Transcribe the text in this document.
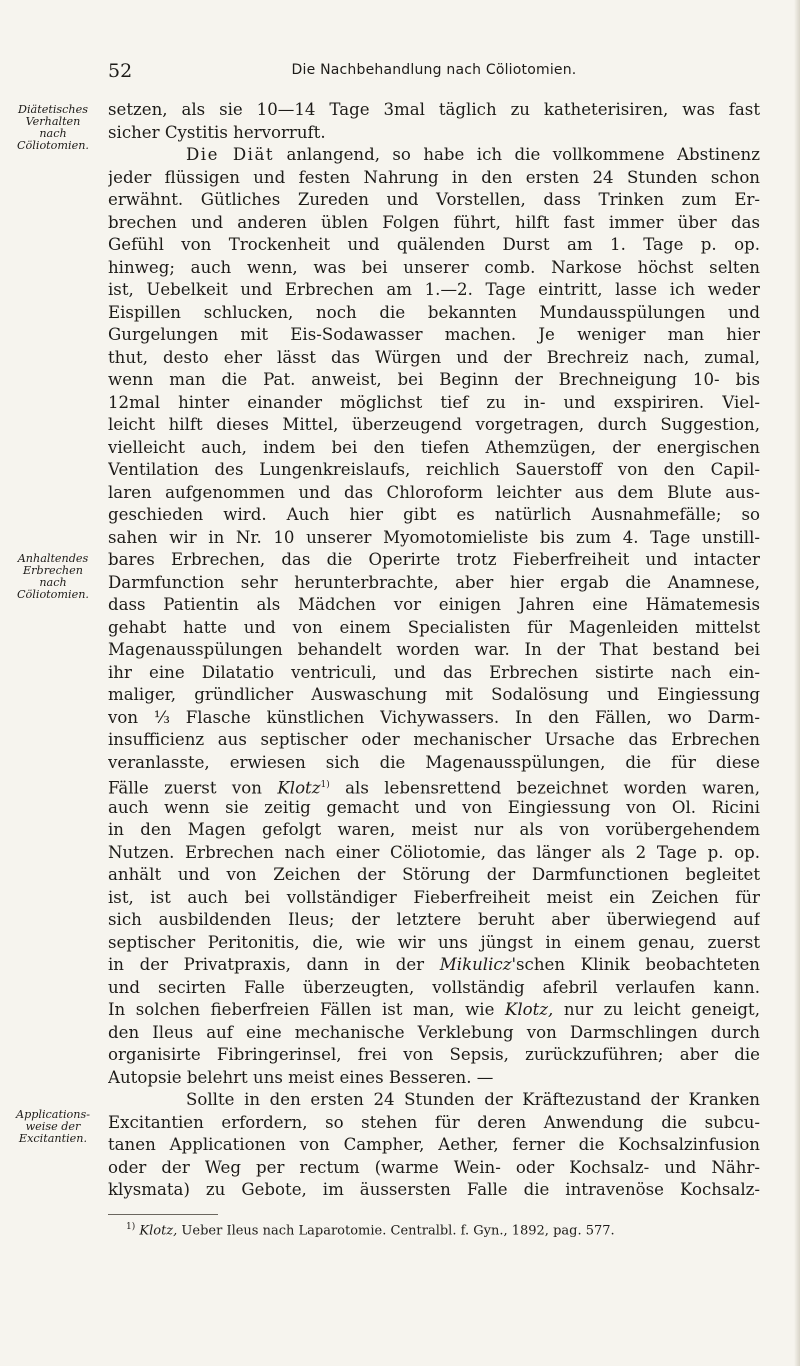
52	Die Nachbehandlung nach Cöliotomien.
Diätetisches
Verhalten
nach
Cöliotomien.
Anhaltendes
Erbrechen
nach
Cöliotomien.
Applications-
weise der
Excitantien.
setzen, als sie 10—14 Tage 3mal täglich zu katheterisiren, was fast
sicher Cystitis hervorruft.
Die Diät anlangend, so habe ich die vollkommene Abstinenz
jeder flüssigen und festen Nahrung in den ersten 24 Stunden schon
erwähnt. Gütliches Zureden und Vorstellen, dass Trinken zum Er-
brechen und anderen üblen Folgen führt, hilft fast immer über das
Gefühl von Trockenheit und quälenden Durst am 1. Tage p. op.
hinweg; auch wenn, was bei unserer comb. Narkose höchst selten
ist, Uebelkeit und Erbrechen am 1.—2. Tage eintritt, lasse ich weder
Eispillen schlucken, noch die bekannten Mundausspülungen und
Gurgelungen mit Eis-Sodawasser machen. Je weniger man hier
thut, desto eher lässt das Würgen und der Brechreiz nach, zumal,
wenn man die Pat. anweist, bei Beginn der Brechneigung 10- bis
12mal hinter einander möglichst tief zu in- und exspiriren. Viel-
leicht hilft dieses Mittel, überzeugend vorgetragen, durch Suggestion,
vielleicht auch, indem bei den tiefen Athemzügen, der energischen
Ventilation des Lungenkreislaufs, reichlich Sauerstoff von den Capil-
laren aufgenommen und das Chloroform leichter aus dem Blute aus-
geschieden wird. Auch hier gibt es natürlich Ausnahmefälle; so
sahen wir in Nr. 10 unserer Myomotomieliste bis zum 4. Tage unstill-
bares Erbrechen, das die Operirte trotz Fieberfreiheit und intacter
Darmfunction sehr herunterbrachte, aber hier ergab die Anamnese,
dass Patientin als Mädchen vor einigen Jahren eine Hämatemesis
gehabt hatte und von einem Specialisten für Magenleiden mittelst
Magenausspülungen behandelt worden war. In der That bestand bei
ihr eine Dilatatio ventriculi, und das Erbrechen sistirte nach ein-
maliger, gründlicher Auswaschung mit Sodalösung und Eingiessung
von ⅓ Flasche künstlichen Vichywassers. In den Fällen, wo Darm-
insufficienz aus septischer oder mechanischer Ursache das Erbrechen
veranlasste, erwiesen sich die Magenausspülungen, die für diese
Fälle zuerst von Klotz$^{1)}$ als lebensrettend bezeichnet worden waren,
auch wenn sie zeitig gemacht und von Eingiessung von Ol. Ricini
in den Magen gefolgt waren, meist nur als von vorübergehendem
Nutzen. Erbrechen nach einer Cöliotomie, das länger als 2 Tage p. op.
anhält und von Zeichen der Störung der Darmfunctionen begleitet
ist, ist auch bei vollständiger Fieberfreiheit meist ein Zeichen für
sich ausbildenden Ileus; der letztere beruht aber überwiegend auf
septischer Peritonitis, die, wie wir uns jüngst in einem genau, zuerst
in der Privatpraxis, dann in der Mikulicz'schen Klinik beobachteten
und secirten Falle überzeugten, vollständig afebril verlaufen kann.
In solchen fieberfreien Fällen ist man, wie Klotz, nur zu leicht geneigt,
den Ileus auf eine mechanische Verklebung von Darmschlingen durch
organisirte Fibringerinsel, frei von Sepsis, zurückzuführen; aber die
Autopsie belehrt uns meist eines Besseren. —
Sollte in den ersten 24 Stunden der Kräftezustand der Kranken
Excitantien erfordern, so stehen für deren Anwendung die subcu-
tanen Applicationen von Campher, Aether, ferner die Kochsalzinfusion
oder der Weg per rectum (warme Wein- oder Kochsalz- und Nähr-
klysmata) zu Gebote, im äussersten Falle die intravenöse Kochsalz-
$^{1)}$ Klotz, Ueber Ileus nach Laparotomie. Centralbl. f. Gyn., 1892, pag. 577.
